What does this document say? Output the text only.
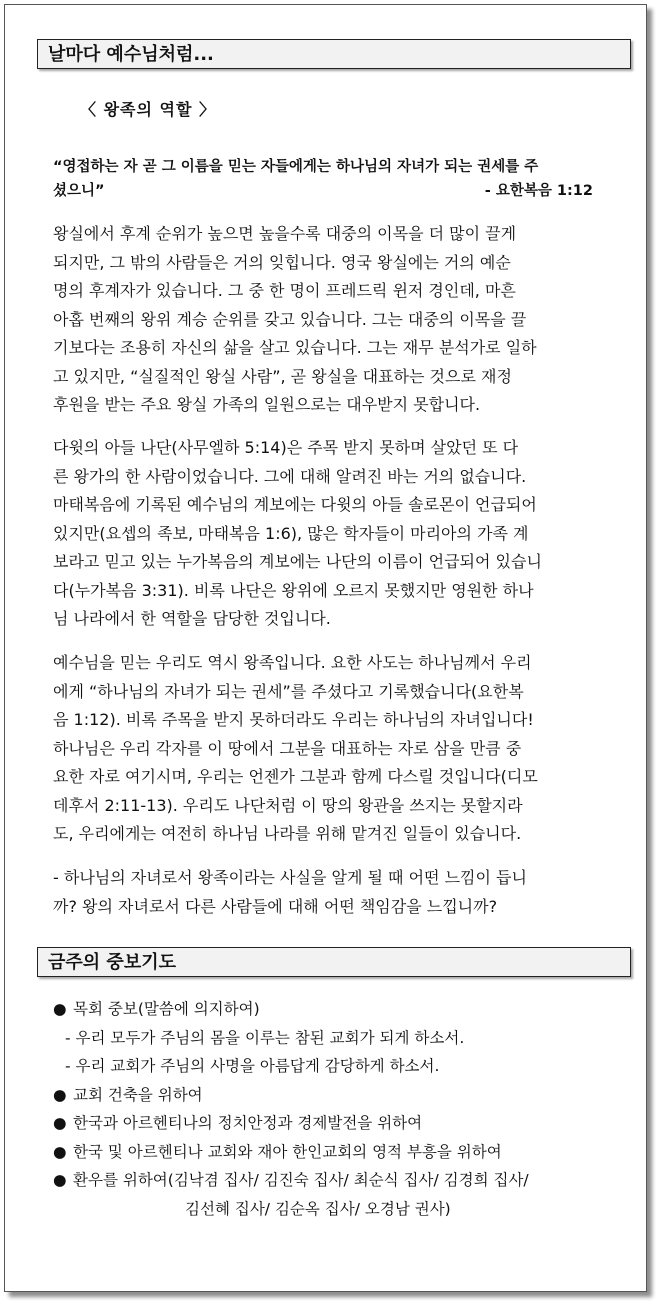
날마다 예수님처럼...
〈 왕족의 역할 〉
“영접하는 자 곧 그 이름을 믿는 자들에게는 하나님의 자녀가 되는 권세를 주
셨으니”	- 요한복음 1:12
왕실에서 후계 순위가 높으면 높을수록 대중의 이목을 더 많이 끌게
되지만, 그 밖의 사람들은 거의 잊힙니다. 영국 왕실에는 거의 예순
명의 후계자가 있습니다. 그 중 한 명이 프레드릭 윈저 경인데, 마흔
아홉 번째의 왕위 계승 순위를 갖고 있습니다. 그는 대중의 이목을 끌
기보다는 조용히 자신의 삶을 살고 있습니다. 그는 재무 분석가로 일하
고 있지만, “실질적인 왕실 사람”, 곧 왕실을 대표하는 것으로 재정
후원을 받는 주요 왕실 가족의 일원으로는 대우받지 못합니다.
다윗의 아들 나단(사무엘하 5:14)은 주목 받지 못하며 살았던 또 다
른 왕가의 한 사람이었습니다. 그에 대해 알려진 바는 거의 없습니다.
마태복음에 기록된 예수님의 계보에는 다윗의 아들 솔로몬이 언급되어
있지만(요셉의 족보, 마태복음 1:6), 많은 학자들이 마리아의 가족 계
보라고 믿고 있는 누가복음의 계보에는 나단의 이름이 언급되어 있습니
다(누가복음 3:31). 비록 나단은 왕위에 오르지 못했지만 영원한 하나
님 나라에서 한 역할을 담당한 것입니다.
예수님을 믿는 우리도 역시 왕족입니다. 요한 사도는 하나님께서 우리
에게 “하나님의 자녀가 되는 권세”를 주셨다고 기록했습니다(요한복
음 1:12). 비록 주목을 받지 못하더라도 우리는 하나님의 자녀입니다!
하나님은 우리 각자를 이 땅에서 그분을 대표하는 자로 삼을 만큼 중
요한 자로 여기시며, 우리는 언젠가 그분과 함께 다스릴 것입니다(디모
데후서 2:11-13). 우리도 나단처럼 이 땅의 왕관을 쓰지는 못할지라
도, 우리에게는 여전히 하나님 나라를 위해 맡겨진 일들이 있습니다.
- 하나님의 자녀로서 왕족이라는 사실을 알게 될 때 어떤 느낌이 듭니
까? 왕의 자녀로서 다른 사람들에 대해 어떤 책임감을 느낍니까?
금주의 중보기도
● 목회 중보(말씀에 의지하여)
- 우리 모두가 주님의 몸을 이루는 참된 교회가 되게 하소서.
- 우리 교회가 주님의 사명을 아름답게 감당하게 하소서.
● 교회 건축을 위하여
● 한국과 아르헨티나의 정치안정과 경제발전을 위하여
● 한국 및 아르헨티나 교회와 재아 한인교회의 영적 부흥을 위하여
● 환우를 위하여(김낙겸 집사/ 김진숙 집사/ 최순식 집사/ 김경희 집사/
김선혜 집사/ 김순옥 집사/ 오경남 권사)
